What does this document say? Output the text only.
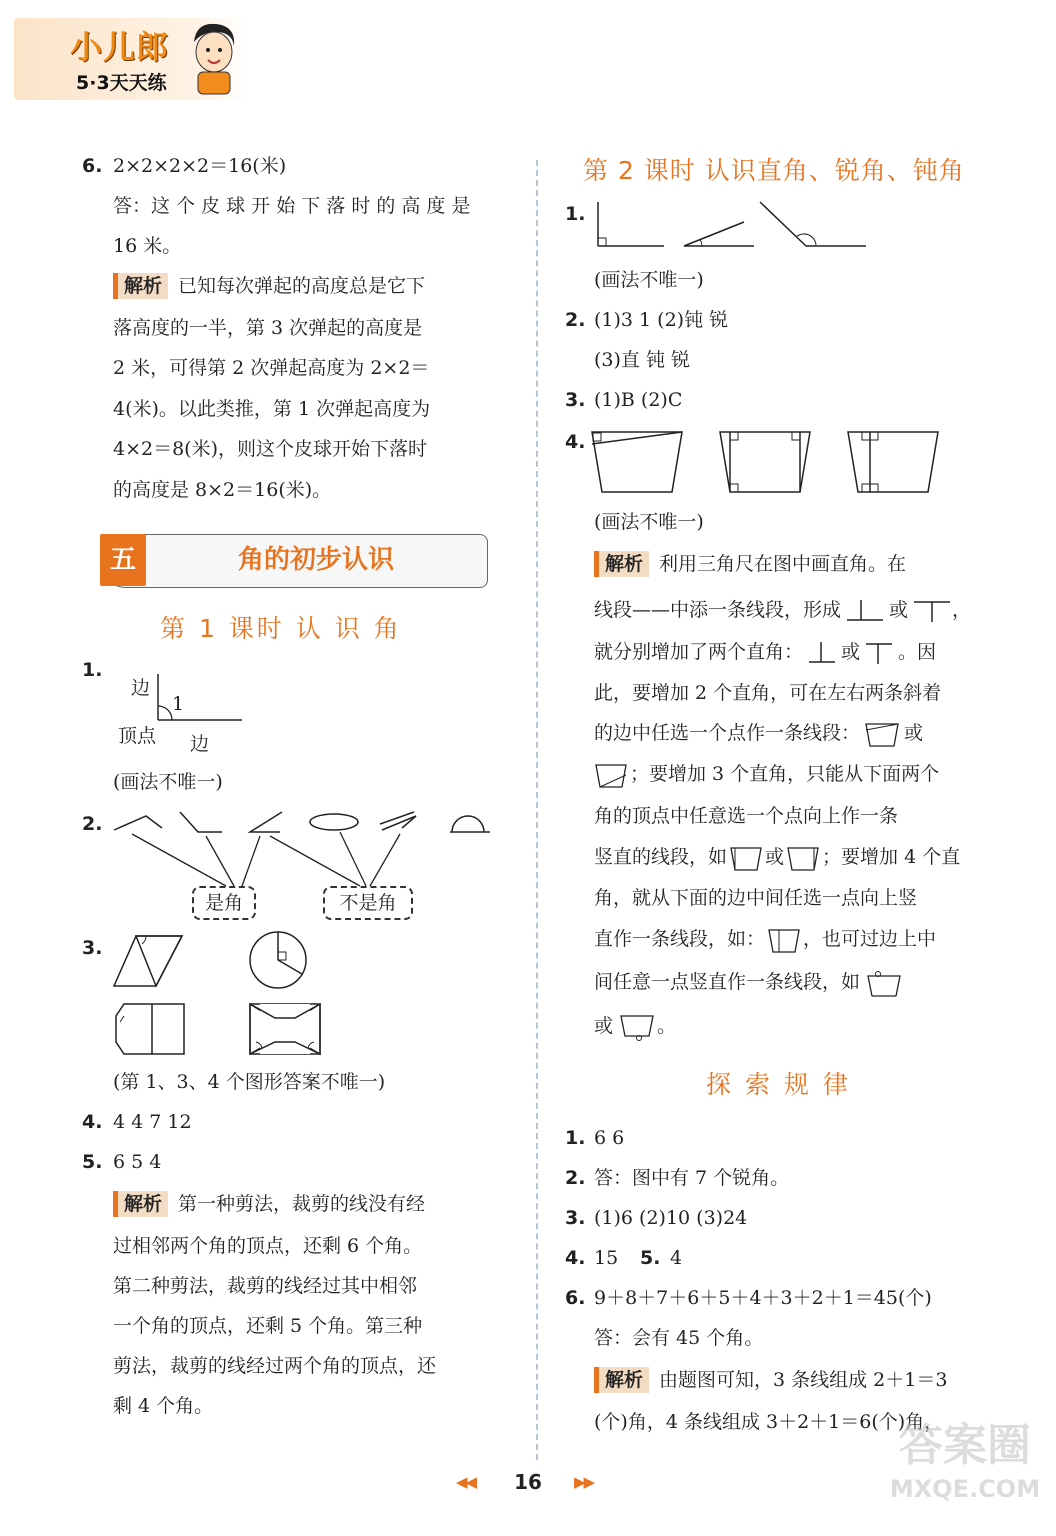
小儿郎
5·3天天练
6. 2×2×2×2＝16(米)
答：这 个 皮 球 开 始 下 落 时 的 高 度 是
16 米。
解析 已知每次弹起的高度总是它下
落高度的一半，第 3 次弹起的高度是
2 米，可得第 2 次弹起高度为 2×2＝
4(米)。以此类推，第 1 次弹起高度为
4×2＝8(米)，则这个皮球开始下落时
的高度是 8×2＝16(米)。
五	角的初步认识
第 1 课时 认 识 角
1.
边
1
顶点 边
(画法不唯一)
2.
是角	不是角
3.
(第 1、3、4 个图形答案不唯一)
4. 4 4 7 12
5. 6 5 4
解析 第一种剪法，裁剪的线没有经
过相邻两个角的顶点，还剩 6 个角。
第二种剪法，裁剪的线经过其中相邻
一个角的顶点，还剩 5 个角。第三种
剪法，裁剪的线经过两个角的顶点，还
剩 4 个角。
第 2 课时 认识直角、锐角、钝角
1.
(画法不唯一)
2. (1)3 1 (2)钝 锐
(3)直 钝 锐
3. (1)B (2)C
4.
(画法不唯一)
解析 利用三角尺在图中画直角。在
线段——中添一条线段，形成	或 ，
就分别增加了两个直角： 或 。因
此，要增加 2 个直角，可在左右两条斜着
的边中任选一个点作一条线段： 或
；要增加 3 个直角，只能从下面两个
角的顶点中任意选一个点向上作一条
竖直的线段，如 或 ；要增加 4 个直
角，就从下面的边中间任选一点向上竖
直作一条线段，如： ，也可过边上中
间任意一点竖直作一条线段，如
或 。
探 索 规 律
1. 6 6
2. 答：图中有 7 个锐角。
3. (1)6 (2)10 (3)24
4. 15 5. 4
6. 9＋8＋7＋6＋5＋4＋3＋2＋1＝45(个)
答：会有 45 个角。
解析 由题图可知，3 条线组成 2＋1＝3
(个)角，4 条线组成 3＋2＋1＝6(个)角，
◀◀	16	▶▶
答案圈
MXQE.COM
